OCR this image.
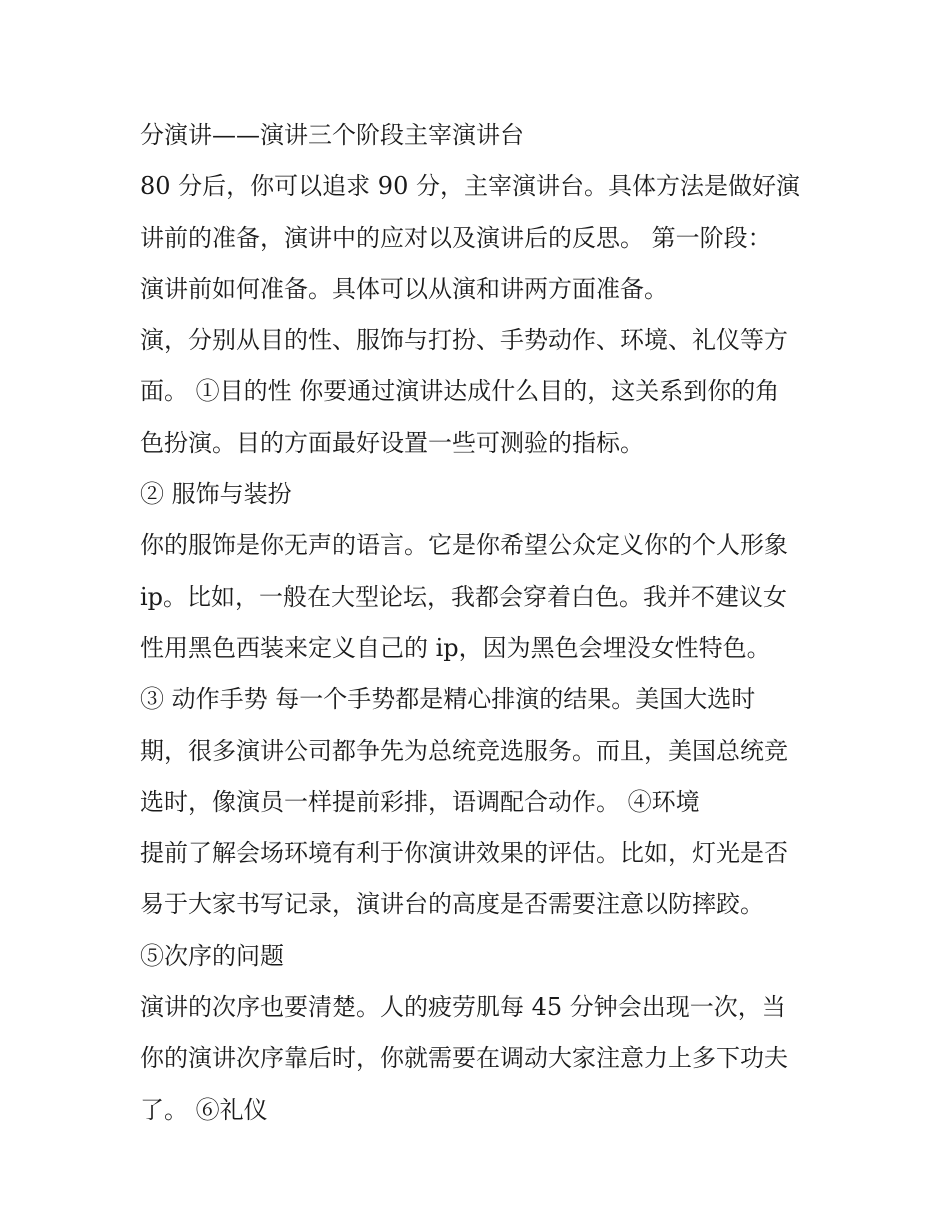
分演讲——演讲三个阶段主宰演讲台
80 分后，你可以追求 90 分，主宰演讲台。具体方法是做好演
讲前的准备，演讲中的应对以及演讲后的反思。 第一阶段：
演讲前如何准备。具体可以从演和讲两方面准备。
演，分别从目的性、服饰与打扮、手势动作、环境、礼仪等方
面。 ①目的性 你要通过演讲达成什么目的，这关系到你的角
色扮演。目的方面最好设置一些可测验的指标。
② 服饰与装扮
你的服饰是你无声的语言。它是你希望公众定义你的个人形象
ip。比如，一般在大型论坛，我都会穿着白色。我并不建议女
性用黑色西装来定义自己的 ip，因为黑色会埋没女性特色。
③ 动作手势 每一个手势都是精心排演的结果。美国大选时
期，很多演讲公司都争先为总统竞选服务。而且，美国总统竞
选时，像演员一样提前彩排，语调配合动作。 ④环境
提前了解会场环境有利于你演讲效果的评估。比如，灯光是否
易于大家书写记录，演讲台的高度是否需要注意以防摔跤。
⑤次序的问题
演讲的次序也要清楚。人的疲劳肌每 45 分钟会出现一次，当
你的演讲次序靠后时，你就需要在调动大家注意力上多下功夫
了。 ⑥礼仪
